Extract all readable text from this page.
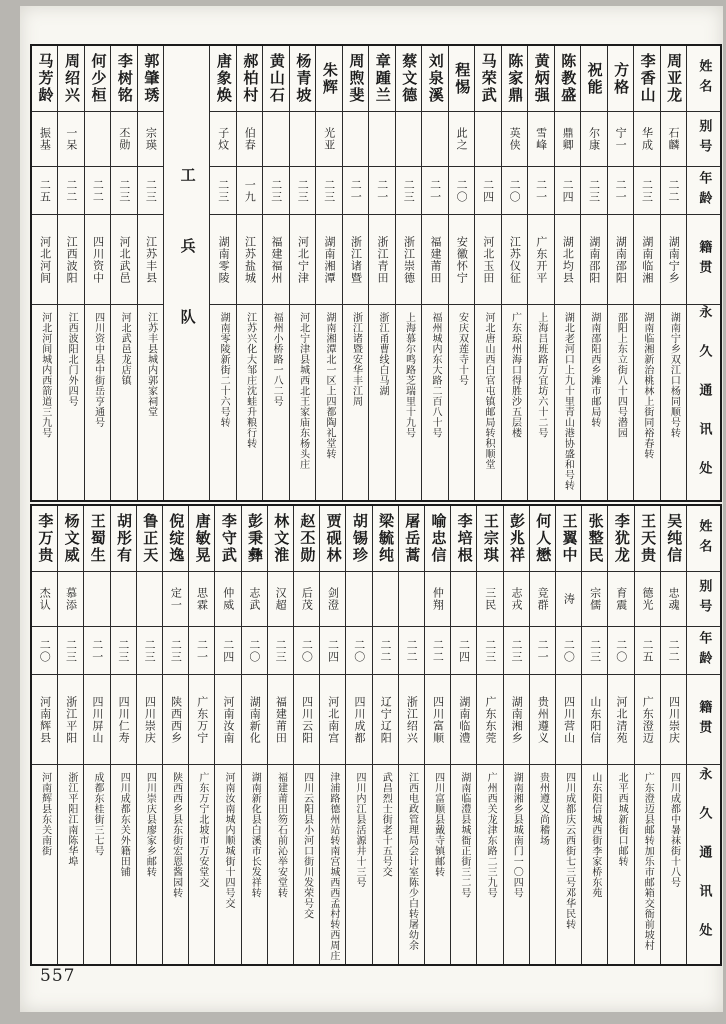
姓名
别号
年龄
籍贯
永久通讯处
周亚龙
石麟
二二
湖南宁乡
湖南宁乡双江口杨同顺号转
李香山
华成
二三
湖南临湘
湖南临湘新治桃林上街同裕春转
方格
宁一
二一
湖南邵阳
邵阳上东立街八十四号潜园
祝能
尔康
二三
湖南邵阳
湖南邵阳西乡滩市邮局转
陈教盛
鼎卿
二四
湖北均县
湖北老河口上九十里青山港协盛和号转
黄炳强
雪峰
二一
广东开平
上海吕班路万宜坊六十二号
陈家鼎
英侠
二〇
江苏仪征
广东琼州海口得胜沙五层楼
马荣武
二四
河北玉田
河北唐山西白官屯镇邮局转积顺堂
程惕
此之
二〇
安徽怀宁
安庆双莲寺十号
刘泉溪
二一
福建莆田
福州城内东大路二百八十号
蔡文德
二三
浙江崇德
上海慕尔鸣路芝瑞里十九号
章踵兰
二一
浙江青田
浙江甬曹线白马湖
周煦斐
二一
浙江诸暨
浙江诸暨安华丰江周
朱辉
光亚
二三
湖南湘潭
湖南湘潭北一区上四都陶礼堂转
杨青坡
二三
河北宁津
河北宁津县城西北王家庙东杨头庄
黄山石
二三
福建福州
福州小桥路一八二号
郝柏村
伯春
一九
江苏盐城
江苏兴化大邹庄沈蛙升粮行转
唐象焕
子炆
二三
湖南零陵
湖南零陵新街二十六号转
工兵队
郭肇琇
宗瑛
二三
江苏丰县
江苏丰县城内郭家祠堂
李树铭
丕勋
二三
河北武邑
河北武邑龙店镇
何少桓
二二
四川资中
四川资中县中街岳亨通号
周绍兴
一呆
二二
江西波阳
江西波阳北门外四号
马芳龄
振基
二五
河北河间
河北河间城内西箭道三九号
姓名
别号
年龄
籍贯
永久通讯处
吴纯信
忠魂
二二
四川崇庆
四川成都中暑袜街十八号
王天贵
德光
二五
广东澄迈
广东澄迈县邮转加乐市邮箱交衙前坡村
李犹龙
育震
二〇
河北清苑
北平西城新街口邮转
张整民
宗儒
二三
山东阳信
山东阳信城西街李家桥东苑
王翼中
涛
二〇
四川营山
四川成都庆云西街七三号邓华民转
何人懋
竞群
二一
贵州遵义
贵州遵义尚稽场
彭兆祥
志戎
二三
湖南湘乡
湖南湘乡县城南门一〇四号
王宗琪
三民
二三
广东东莞
广州西关龙津东路二三九号
李培根
二四
湖南临澧
湖南临澧县城衙正街三二号
喻忠信
仲翔
二二
四川富顺
四川富顺县戴寺镇邮转
屠岳蒿
二二
浙江绍兴
江西电政管理局会计室陈少白转屠幼余
梁毓纯
二二
辽宁辽阳
武昌烈士街老十五号交
胡锡珍
二〇
四川成都
四川内江县活源井十三号
贾砚林
剑澄
二四
河北南宫
津浦路德州站转南宫城西西孟村转西周庄
赵丕勋
后茂
二〇
四川云阳
四川云阳县小河口街川发荣号交
林文淮
汉超
二三
福建莆田
福建莆田笏石前沁举安堂转
彭秉彝
志武
二〇
湖南新化
湖南新化县白溪市长发祥转
李守武
仲威
二四
河南汝南
河南汝南城内顺城街十四号交
唐敏晃
思霖
二一
广东万宁
广东万宁北坡市万安堂交
倪绽逸
定一
二三
陕西西乡
陕西西乡县东街宏恩酱园转
鲁正天
二三
四川崇庆
四川崇庆县廖家乡邮转
胡彤有
二三
四川仁寿
四川成都东关外籍田铺
王蜀生
二一
四川屏山
成都东桂街三七号
杨文威
慕添
二三
浙江平阳
浙江平阳江南陈华埠
李万贵
杰认
二〇
河南辉县
河南辉县东关南街
557
